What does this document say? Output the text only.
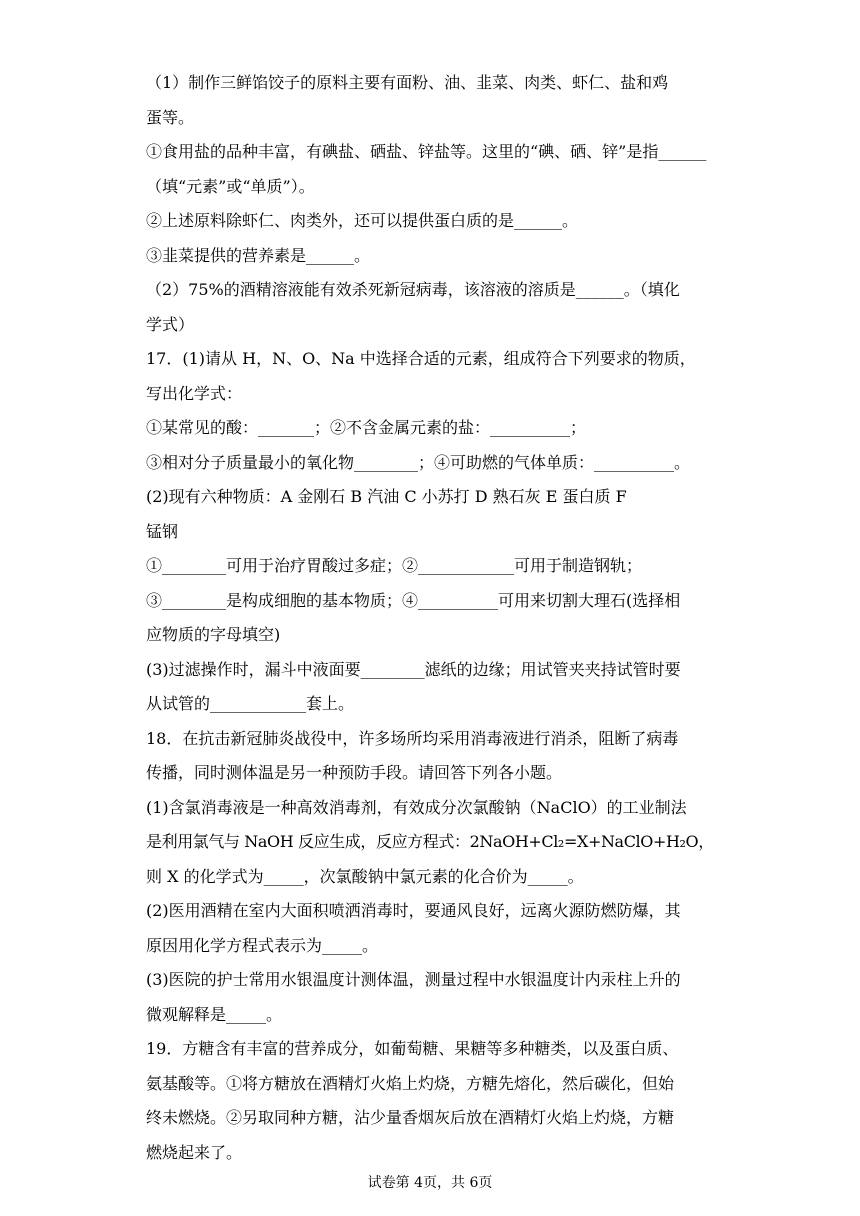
（1）制作三鲜馅饺子的原料主要有面粉、油、韭菜、肉类、虾仁、盐和鸡
蛋等。
①食用盐的品种丰富，有碘盐、硒盐、锌盐等。这里的“碘、硒、锌”是指______
（填“元素”或“单质”）。
②上述原料除虾仁、肉类外，还可以提供蛋白质的是______。
③韭菜提供的营养素是______。
（2）75%的酒精溶液能有效杀死新冠病毒，该溶液的溶质是______。（填化
学式）
17．(1)请从 H，N、O、Na 中选择合适的元素，组成符合下列要求的物质，
写出化学式：
①某常见的酸：_______；②不含金属元素的盐：__________；
③相对分子质量最小的氧化物________；④可助燃的气体单质：__________。
(2)现有六种物质：A 金刚石 B 汽油 C 小苏打 D 熟石灰 E 蛋白质 F
锰钢
①________可用于治疗胃酸过多症；②____________可用于制造钢轨；
③________是构成细胞的基本物质；④__________可用来切割大理石(选择相
应物质的字母填空)
(3)过滤操作时，漏斗中液面要________滤纸的边缘；用试管夹夹持试管时要
从试管的____________套上。
18．在抗击新冠肺炎战役中，许多场所均采用消毒液进行消杀，阻断了病毒
传播，同时测体温是另一种预防手段。请回答下列各小题。
(1)含氯消毒液是一种高效消毒剂，有效成分次氯酸钠（NaClO）的工业制法
是利用氯气与 NaOH 反应生成，反应方程式：2NaOH+Cl₂=X+NaClO+H₂O，
则 X 的化学式为_____，次氯酸钠中氯元素的化合价为_____。
(2)医用酒精在室内大面积喷洒消毒时，要通风良好，远离火源防燃防爆，其
原因用化学方程式表示为_____。
(3)医院的护士常用水银温度计测体温，测量过程中水银温度计内汞柱上升的
微观解释是_____。
19．方糖含有丰富的营养成分，如葡萄糖、果糖等多种糖类，以及蛋白质、
氨基酸等。①将方糖放在酒精灯火焰上灼烧，方糖先熔化，然后碳化，但始
终未燃烧。②另取同种方糖，沾少量香烟灰后放在酒精灯火焰上灼烧，方糖
燃烧起来了。
试卷第 4页，共 6页
